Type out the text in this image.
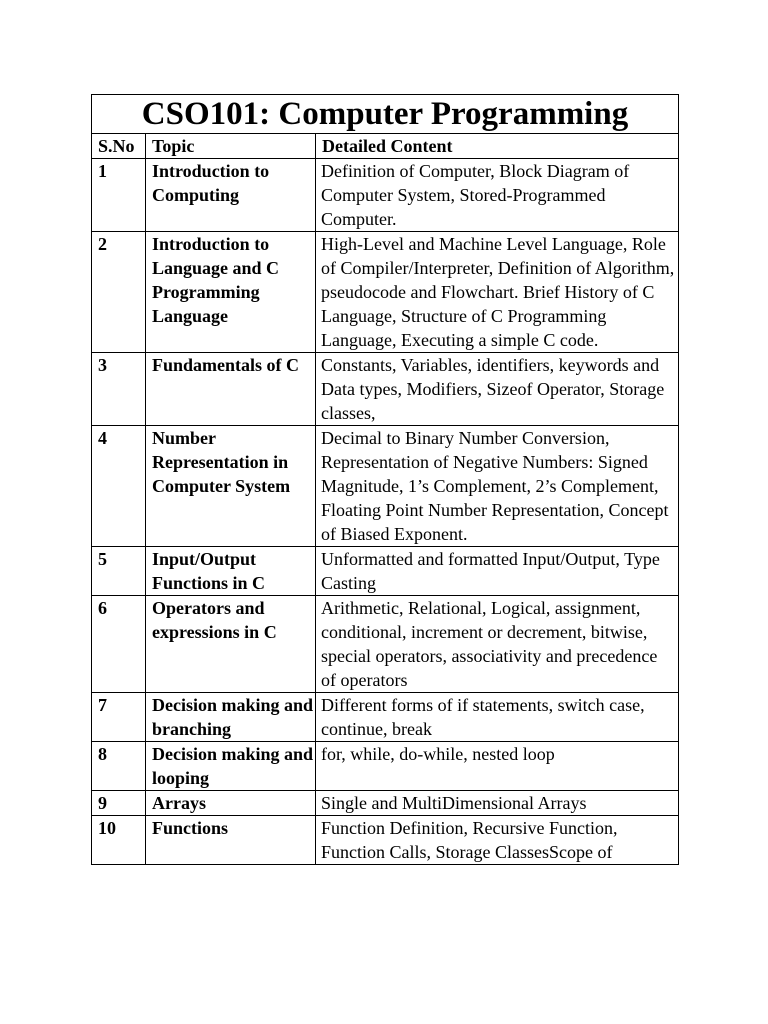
CSO101: Computer Programming		
S.No	Topic	Detailed Content
1	Introduction to Computing	Definition of Computer, Block Diagram of Computer System, Stored-Programmed Computer.
2	Introduction to Language and C Programming Language	High-Level and Machine Level Language, Role of Compiler/Interpreter, Definition of Algorithm, pseudocode and Flowchart. Brief History of C Language, Structure of C Programming Language, Executing a simple C code.
3	Fundamentals of C	Constants, Variables, identifiers, keywords and Data types, Modifiers, Sizeof Operator, Storage classes,
4	Number Representation in Computer System	Decimal to Binary Number Conversion, Representation of Negative Numbers: Signed Magnitude, 1’s Complement, 2’s Complement, Floating Point Number Representation, Concept of Biased Exponent.
5	Input/Output Functions in C	Unformatted and formatted Input/Output, Type Casting
6	Operators and expressions in C	Arithmetic, Relational, Logical, assignment, conditional, increment or decrement, bitwise, special operators, associativity and precedence of operators
7	Decision making and branching	Different forms of if statements, switch case, continue, break
8	Decision making and looping	for, while, do-while, nested loop
9	Arrays	Single and MultiDimensional Arrays
10	Functions	Function Definition, Recursive Function, Function Calls, Storage ClassesScope of
